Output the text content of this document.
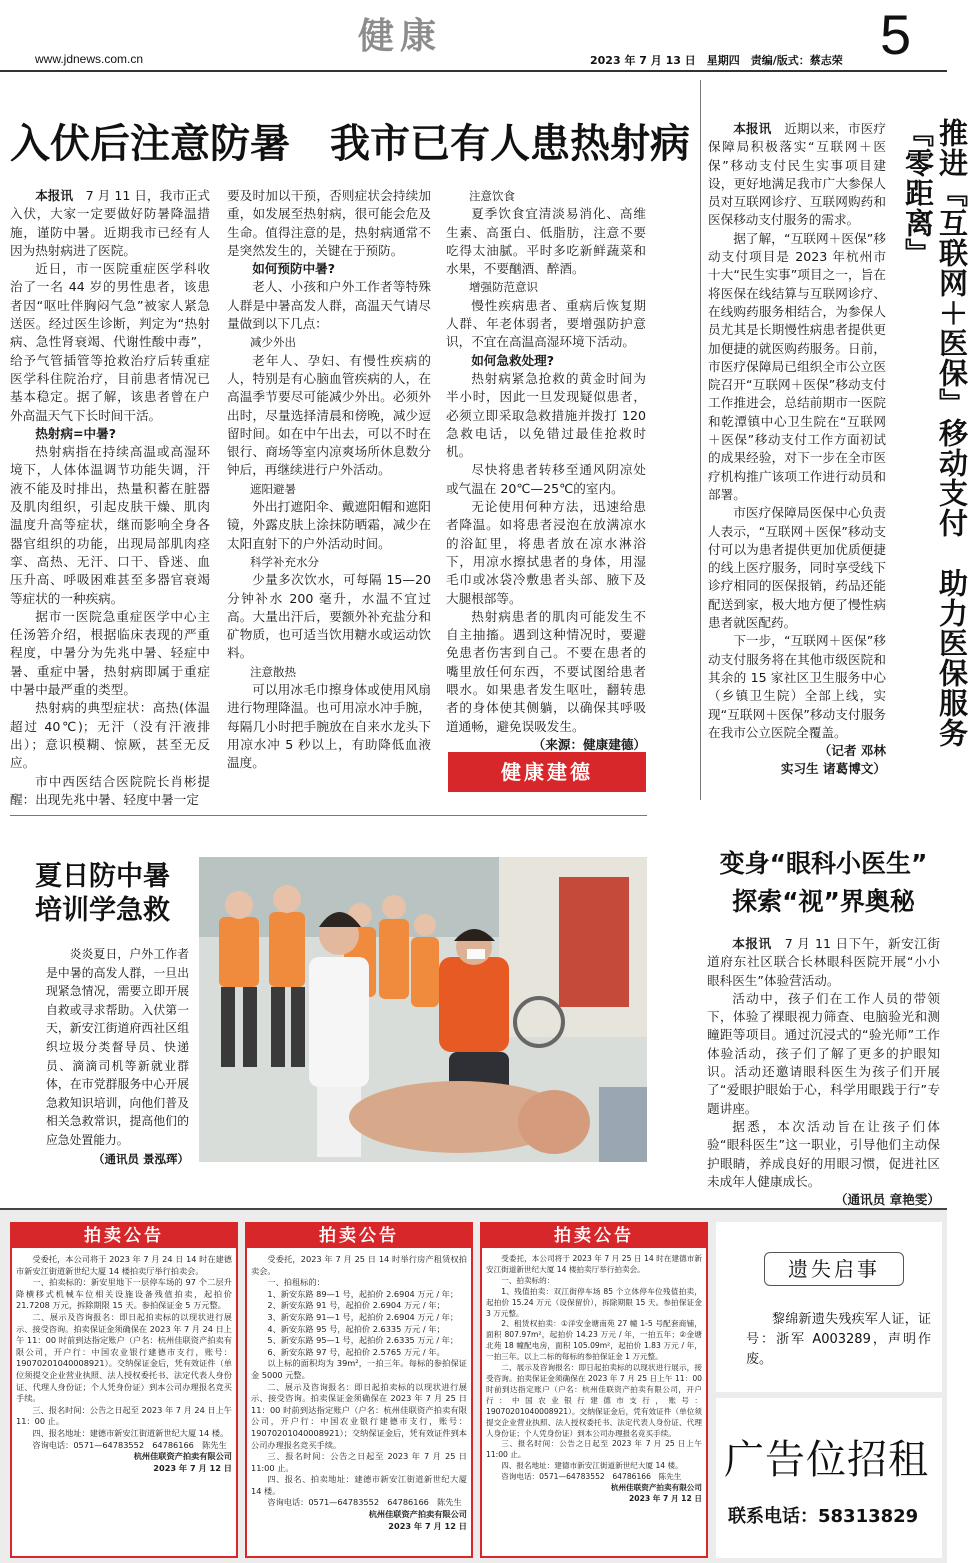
www.jdnews.com.cn
健康
2023 年 7 月 13 日　星期四　责编/版式：蔡志荣 5
入伏后注意防暑　我市已有人患热射病

本报讯　 7 月 11 日，我市正式入伏，大家一定要做好防暑降温措施，谨防中暑。近期我市已经有人因为热射病进了医院。

近日，市一医院重症医学科收治了一名 44 岁的男性患者，该患者因“呕吐伴胸闷气急”被家人紧急送医。经过医生诊断，判定为“热射病、急性肾衰竭、代谢性酸中毒”，给予气管插管等抢救治疗后转重症医学科住院治疗，目前患者情况已基本稳定。据了解，该患者曾在户外高温天气下长时间干活。

热射病=中暑?

热射病指在持续高温或高湿环境下，人体体温调节功能失调，汗液不能及时排出，热量积蓄在脏器及肌肉组织，引起皮肤干燥、肌肉温度升高等症状，继而影响全身各器官组织的功能，出现局部肌肉痉挛、高热、无汗、口干、昏迷、血压升高、呼吸困难甚至多器官衰竭等症状的一种疾病。

据市一医院急重症医学中心主任汤箬介绍，根据临床表现的严重程度，中暑分为先兆中暑、轻症中暑、重症中暑，热射病即属于重症中暑中最严重的类型。

热射病的典型症状：高热(体温超过 40℃)；无汗（没有汗液排出）；意识模糊、惊厥，甚至无反应。

市中西医结合医院院长肖彬提醒：出现先兆中暑、轻度中暑一定

要及时加以干预，否则症状会持续加重，如发展至热射病，很可能会危及生命。值得注意的是，热射病通常不是突然发生的，关键在于预防。

如何预防中暑?

老人、小孩和户外工作者等特殊人群是中暑高发人群，高温天气请尽量做到以下几点：

减少外出

老年人、孕妇、有慢性疾病的人，特别是有心脑血管疾病的人，在高温季节要尽可能减少外出。必须外出时，尽量选择清晨和傍晚，减少逗留时间。如在中午出去，可以不时在银行、商场等室内凉爽场所休息数分钟后，再继续进行户外活动。

遮阳避暑

外出打遮阳伞、戴遮阳帽和遮阳镜，外露皮肤上涂抹防晒霜，减少在太阳直射下的户外活动时间。

科学补充水分

少量多次饮水，可每隔 15—20 分钟补水 200 毫升，水温不宜过高。大量出汗后，要额外补充盐分和矿物质，也可适当饮用糖水或运动饮料。

注意散热

可以用冰毛巾擦身体或使用风扇进行物理降温。也可用凉水冲手腕，每隔几小时把手腕放在自来水龙头下用凉水冲 5 秒以上，有助降低血液温度。

注意饮食

夏季饮食宜清淡易消化、高维生素、高蛋白、低脂肪，注意不要吃得太油腻。平时多吃新鲜蔬菜和水果，不要酗酒、醉酒。

增强防范意识

慢性疾病患者、重病后恢复期人群、年老体弱者，要增强防护意识，不宜在高温高湿环境下活动。

如何急救处理?

热射病紧急抢救的黄金时间为半小时，因此一旦发现疑似患者，必须立即采取急救措施并拨打 120 急救电话，以免错过最佳抢救时机。

尽快将患者转移至通风阴凉处或气温在 20℃—25℃的室内。

无论使用何种方法，迅速给患者降温。如将患者浸泡在放满凉水的浴缸里，将患者放在凉水淋浴下，用凉水擦拭患者的身体，用湿毛巾或冰袋冷敷患者头部、腋下及大腿根部等。

热射病患者的肌肉可能发生不自主抽搐。遇到这种情况时，要避免患者伤害到自己。不要在患者的嘴里放任何东西，不要试图给患者喂水。如果患者发生呕吐，翻转患者的身体使其侧躺，以确保其呼吸道通畅，避免误吸发生。

（来源：健康建德）

健康建德

本报讯　 近期以来，市医疗保障局积极落实“互联网＋医保”移动支付民生实事项目建设，更好地满足我市广大参保人员对互联网诊疗、互联网购药和医保移动支付服务的需求。

据了解，“互联网＋医保”移动支付项目是 2023 年杭州市十大“民生实事”项目之一，旨在将医保在线结算与互联网诊疗、在线购药服务相结合，为参保人员尤其是长期慢性病患者提供更加便捷的就医购药服务。日前，市医疗保障局已组织全市公立医院召开“互联网＋医保”移动支付工作推进会，总结前期市一医院和乾潭镇中心卫生院在“互联网＋医保”移动支付工作方面初试的成果经验，对下一步在全市医疗机构推广该项工作进行动员和部署。

市医疗保障局医保中心负责人表示，“互联网＋医保”移动支付可以为患者提供更加优质便捷的线上医疗服务，同时享受线下诊疗相同的医保报销，药品还能配送到家，极大地方便了慢性病患者就医配药。

下一步，“互联网＋医保”移动支付服务将在其他市级医院和其余的 15 家社区卫生服务中心（乡镇卫生院）全部上线，实现“互联网＋医保”移动支付服务在我市公立医院全覆盖。

（记者 邓林

实习生 诸葛博文）

推进『互联网＋医保』移动支付　助力医保服务『零距离』
夏日防中暑
培训学急救

炎炎夏日，户外工作者是中暑的高发人群，一旦出现紧急情况，需要立即开展自救或寻求帮助。入伏第一天，新安江街道府西社区组织垃圾分类督导员、快递员、滴滴司机等新就业群体，在市党群服务中心开展急救知识培训，向他们普及相关急救常识，提高他们的应急处置能力。

（通讯员 景泓珲）

变身“眼科小医生”
探索“视”界奥秘

本报讯　 7 月 11 日下午，新安江街道府东社区联合长林眼科医院开展“小小眼科医生”体验营活动。

活动中，孩子们在工作人员的带领下，体验了裸眼视力筛查、电脑验光和测瞳距等项目。通过沉浸式的“验光师”工作体验活动，孩子们了解了更多的护眼知识。活动还邀请眼科医生为孩子们开展了“爱眼护眼始于心，科学用眼践于行”专题讲座。

据悉，本次活动旨在让孩子们体验“眼科医生”这一职业，引导他们主动保护眼睛，养成良好的用眼习惯，促进社区未成年人健康成长。

（通讯员 章艳雯）

拍卖公告

受委托，本公司将于 2023 年 7 月 24 日 14 时在建德市新安江街道新世纪大厦 14 楼拍卖厅举行拍卖会。

一、拍卖标的：新安里地下一层停车场的 97 个二层升降横移式机械车位相关设施设备残值拍卖，起拍价 21.7208 万元，拆除期限 15 天。参拍保证金 5 万元整。

二、展示及咨询报名：即日起拍卖标的以现状进行展示、接受咨询。拍卖保证金须确保在 2023 年 7 月 24 日上午 11：00 时前到达指定账户（户名：杭州佳联资产拍卖有限公司，开户行：中国农业银行建德市支行，账号：19070201040008921）。交纳保证金后，凭有效证件（单位须提交企业营业执照、法人授权委托书、法定代表人身份证、代理人身份证；个人凭身份证）到本公司办理报名竞买手续。

三、报名时间：公告之日起至 2023 年 7 月 24 日上午 11：00 止。

四、报名地址：建德市新安江街道新世纪大厦 14 楼。

咨询电话：0571—64783552　64786166　陈先生

杭州佳联资产拍卖有限公司

2023 年 7 月 12 日

拍卖公告

受委托，2023 年 7 月 25 日 14 时举行房产租赁权拍卖会。

一、拍租标的：

1、新安东路 89—1 号，起拍价 2.6904 万元 / 年；

2、新安东路 91 号，起拍价 2.6904 万元 / 年；

3、新安东路 91—1 号，起拍价 2.6904 万元 / 年；

4、新安东路 95 号，起拍价 2.6335 万元 / 年；

5、新安东路 95—1 号，起拍价 2.6335 万元 / 年；

6、新安东路 97 号，起拍价 2.5765 万元 / 年。

以上标的面积均为 39m²，一拍三年。每标的参拍保证金 5000 元整。

二、展示及咨询报名：即日起拍卖标的以现状进行展示、接受咨询。拍卖保证金须确保在 2023 年 7 月 25 日 11：00 时前到达指定账户（户名：杭州佳联资产拍卖有限公司，开户行：中国农业银行建德市支行，账号：19070201040008921）；交纳保证金后，凭有效证件到本公司办理报名竞买手续。

三、报名时间：公告之日起至 2023 年 7 月 25 日 11:00 止。

四、报名、拍卖地址：建德市新安江街道新世纪大厦 14 楼。

咨询电话：0571—64783552　64786166　陈先生

杭州佳联资产拍卖有限公司

2023 年 7 月 12 日

拍卖公告

受委托，本公司将于 2023 年 7 月 25 日 14 时在建德市新安江街道新世纪大厦 14 楼拍卖厅举行拍卖会。

一、拍卖标的：

1、残值拍卖：双江街停车场 85 个立体停车位残值拍卖，起拍价 15.24 万元（设保留价），拆除期限 15 天。参拍保证金 3 万元整。

2、租赁权拍卖：①洋安金塘南苑 27 幢 1-5 号配套商铺，面积 807.97m²，起拍价 14.23 万元 / 年，一拍五年；②金塘北苑 18 幢配电房，面积 105.09m²，起拍价 1.83 万元 / 年，一拍三年。以上二标的每标的参拍保证金 1 万元整。

二、展示及咨询报名：即日起拍卖标的以现状进行展示，接受咨询。拍卖保证金须确保在 2023 年 7 月 25 日上午 11：00 时前到达指定账户（户名：杭州佳联资产拍卖有限公司，开户行：中国农业银行建德市支行，账号：19070201040008921）。交纳保证金后，凭有效证件（单位须提交企业营业执照、法人授权委托书、法定代表人身份证、代理人身份证；个人凭身份证）到本公司办理报名竞买手续。

三、报名时间：公告之日起至 2023 年 7 月 25 日上午 11:00 止。

四、报名地址：建德市新安江街道新世纪大厦 14 楼。

咨询电话：0571—64783552　64786166　陈先生

杭州佳联资产拍卖有限公司

2023 年 7 月 12 日

遗失启事
黎绵新遗失残疾军人证，证号：浙军 A003289，声明作废。
广告位招租
联系电话：58313829
